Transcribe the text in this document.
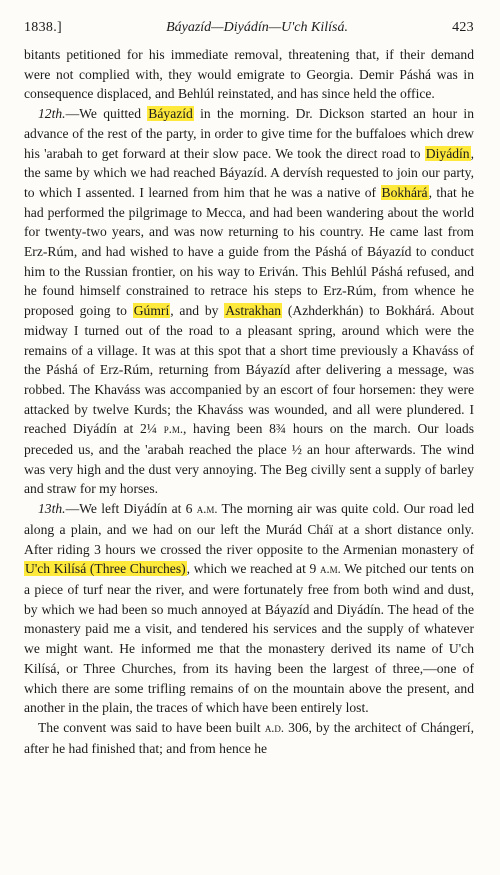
1838.]	Báyazíd—Diyádín—U'ch Kilísá.	423

bitants petitioned for his immediate removal, threatening that, if their demand were not complied with, they would emigrate to Georgia. Demir Páshá was in consequence displaced, and Behlúl reinstated, and has since held the office.

12th.—We quitted Báyazíd in the morning. Dr. Dickson started an hour in advance of the rest of the party, in order to give time for the buffaloes which drew his 'arabah to get forward at their slow pace. We took the direct road to Diyádín, the same by which we had reached Báyazíd. A dervísh requested to join our party, to which I assented. I learned from him that he was a native of Bokhárá, that he had performed the pilgrimage to Mecca, and had been wandering about the world for twenty-two years, and was now returning to his country. He came last from Erz-Rúm, and had wished to have a guide from the Páshá of Báyazíd to conduct him to the Russian frontier, on his way to Eriván. This Behlúl Páshá refused, and he found himself constrained to retrace his steps to Erz-Rúm, from whence he proposed going to Gúmrí, and by Astrakhan (Azhderkhán) to Bokhárá. About midway I turned out of the road to a pleasant spring, around which were the remains of a village. It was at this spot that a short time previously a Khaváss of the Páshá of Erz-Rúm, returning from Báyazíd after delivering a message, was robbed. The Khaváss was accompanied by an escort of four horsemen: they were attacked by twelve Kurds; the Khaváss was wounded, and all were plundered. I reached Diyádín at 2¼ p.m., having been 8¾ hours on the march. Our loads preceded us, and the 'arabah reached the place ½ an hour afterwards. The wind was very high and the dust very annoying. The Beg civilly sent a supply of barley and straw for my horses.

13th.—We left Diyádín at 6 a.m. The morning air was quite cold. Our road led along a plain, and we had on our left the Murád Cháï at a short distance only. After riding 3 hours we crossed the river opposite to the Armenian monastery of U'ch Kilísá (Three Churches), which we reached at 9 a.m. We pitched our tents on a piece of turf near the river, and were fortunately free from both wind and dust, by which we had been so much annoyed at Báyazíd and Diyádín. The head of the monastery paid me a visit, and tendered his services and the supply of whatever we might want. He informed me that the monastery derived its name of U'ch Kilísá, or Three Churches, from its having been the largest of three,—one of which there are some trifling remains of on the mountain above the present, and another in the plain, the traces of which have been entirely lost.

The convent was said to have been built a.d. 306, by the architect of Chángerí, after he had finished that; and from hence he
